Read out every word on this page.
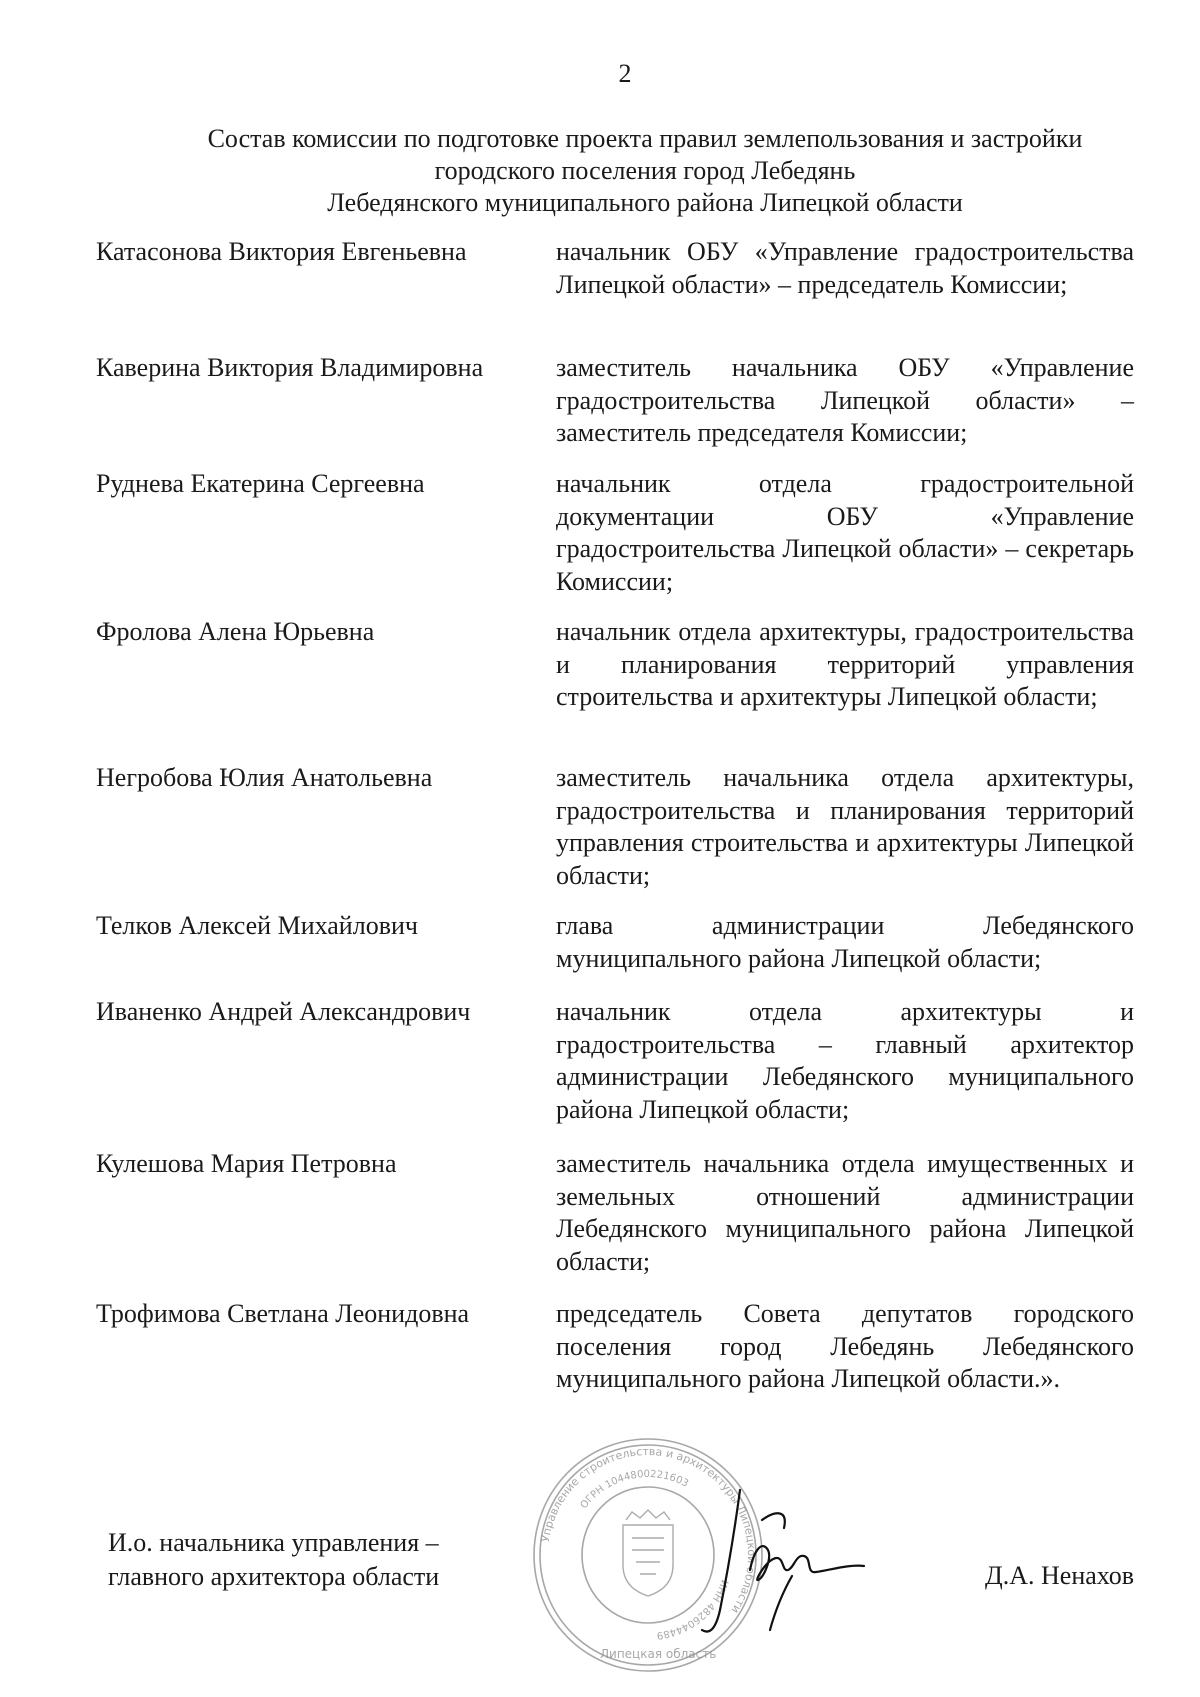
2
Состав комиссии по подготовке проекта правил землепользования и застройки
городского поселения город Лебедянь
Лебедянского муниципального района Липецкой области
Катасонова Виктория Евгеньевна	начальник ОБУ «Управление градостроительства Липецкой области» – председатель Комиссии;
Каверина Виктория Владимировна	заместитель начальника ОБУ «Управление градостроительства Липецкой области» – заместитель председателя Комиссии;
Руднева Екатерина Сергеевна	начальник отдела градостроительной документации ОБУ «Управление градостроительства Липецкой области» – секретарь Комиссии;
Фролова Алена Юрьевна	начальник отдела архитектуры, градостроительства и планирования территорий управления строительства и архитектуры Липецкой области;
Негробова Юлия Анатольевна	заместитель начальника отдела архитектуры, градостроительства и планирования территорий управления строительства и архитектуры Липецкой области;
Телков Алексей Михайлович	глава администрации Лебедянского муниципального района Липецкой области;
Иваненко Андрей Александрович	начальник отдела архитектуры и градостроительства – главный архитектор администрации Лебедянского муниципального района Липецкой области;
Кулешова Мария Петровна	заместитель начальника отдела имущественных и земельных отношений администрации Лебедянского муниципального района Липецкой области;
Трофимова Светлана Леонидовна	председатель Совета депутатов городского поселения город Лебедянь Лебедянского муниципального района Липецкой области.».
И.о. начальника управления –
главного архитектора области
Управление строительства и архитектуры Липецкой области
ИНН 4826044489
ОГРН 1044800221603
Липецкая область
Д.А. Ненахов
